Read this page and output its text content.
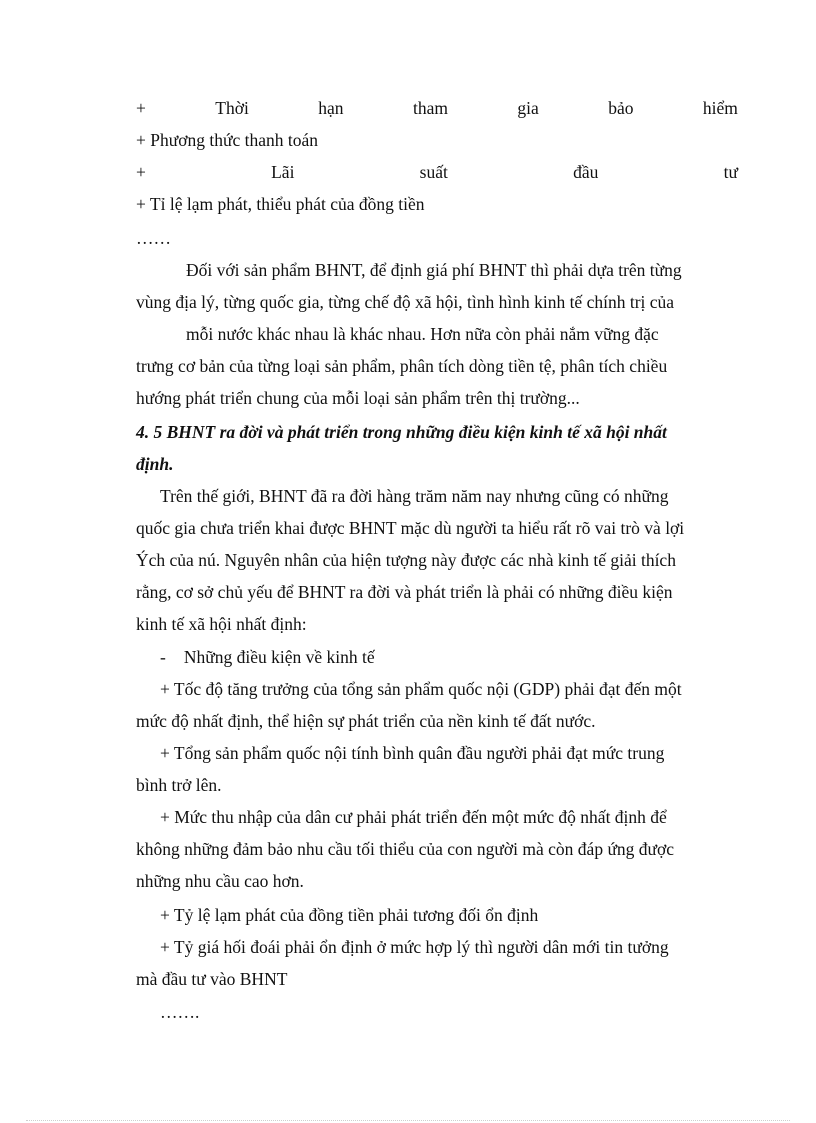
+	Thời	hạn	tham	gia	bảo	hiểm
+ Phương thức thanh toán
+	Lãi	suất	đầu	tư
+ Tỉ lệ lạm phát, thiểu phát của đồng tiền
……
Đối với sản phẩm BHNT, để định giá phí BHNT thì phải dựa trên từng
vùng địa lý, từng quốc gia, từng chế độ xã hội, tình hình kinh tế chính trị của
mỗi nước khác nhau là khác nhau. Hơn nữa còn phải nắm vững đặc
trưng cơ bản của từng loại sản phẩm, phân tích dòng tiền tệ, phân tích chiều
hướng phát triển chung của mỗi loại sản phẩm trên thị trường...
4. 5 BHNT ra đời và phát triển trong những điều kiện kinh tế xã hội nhất
định.
Trên thế giới, BHNT đã ra đời hàng trăm năm nay nhưng cũng có những
quốc gia chưa triển khai được BHNT mặc dù người ta hiểu rất rõ vai trò và lợi
Ých của nú. Nguyên nhân của hiện tượng này được các nhà kinh tế giải thích
rằng, cơ sở chủ yếu để BHNT ra đời và phát triển là phải có những điều kiện
kinh tế xã hội nhất định:
- Những điều kiện về kinh tế
+ Tốc độ tăng trưởng của tổng sản phẩm quốc nội (GDP) phải đạt đến một
mức độ nhất định, thể hiện sự phát triển của nền kinh tế đất nước.
+ Tổng sản phẩm quốc nội tính bình quân đầu người phải đạt mức trung
bình trở lên.
+ Mức thu nhập của dân cư phải phát triển đến một mức độ nhất định để
không những đảm bảo nhu cầu tối thiểu của con người mà còn đáp ứng được
những nhu cầu cao hơn.
+ Tỷ lệ lạm phát của đồng tiền phải tương đối ổn định
+ Tỷ giá hối đoái phải ổn định ở mức hợp lý thì người dân mới tin tưởng
mà đầu tư vào BHNT
…….
